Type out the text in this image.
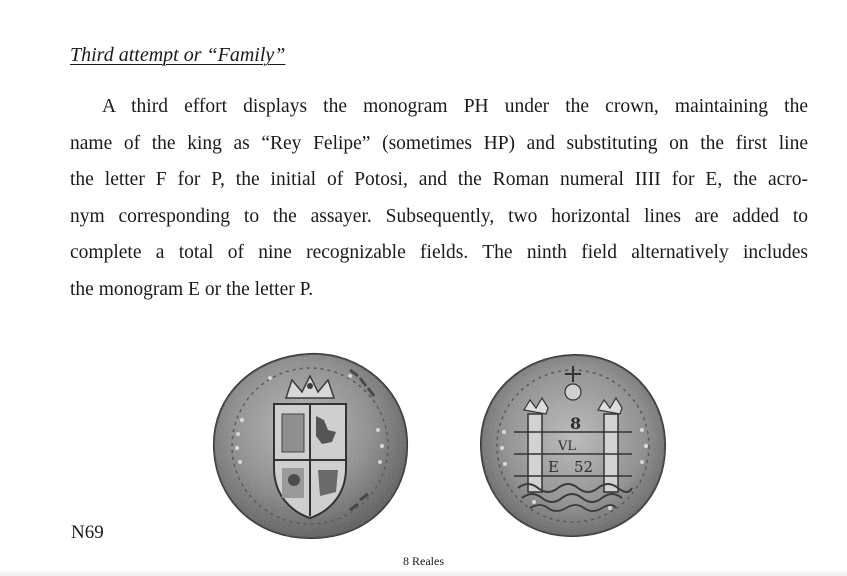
Third attempt or “Family”

A third effort displays the monogram PH under the crown, maintaining the
name of the king as “Rey Felipe” (sometimes HP) and substituting on the first line
the letter F for P, the initial of Potosi, and the Roman numeral IIII for E, the acro-
nym corresponding to the assayer. Subsequently, two horizontal lines are added to
complete a total of nine recognizable fields. The ninth field alternatively includes
the monogram E or the letter P.

8
VL
E 52
N69
8 Reales
